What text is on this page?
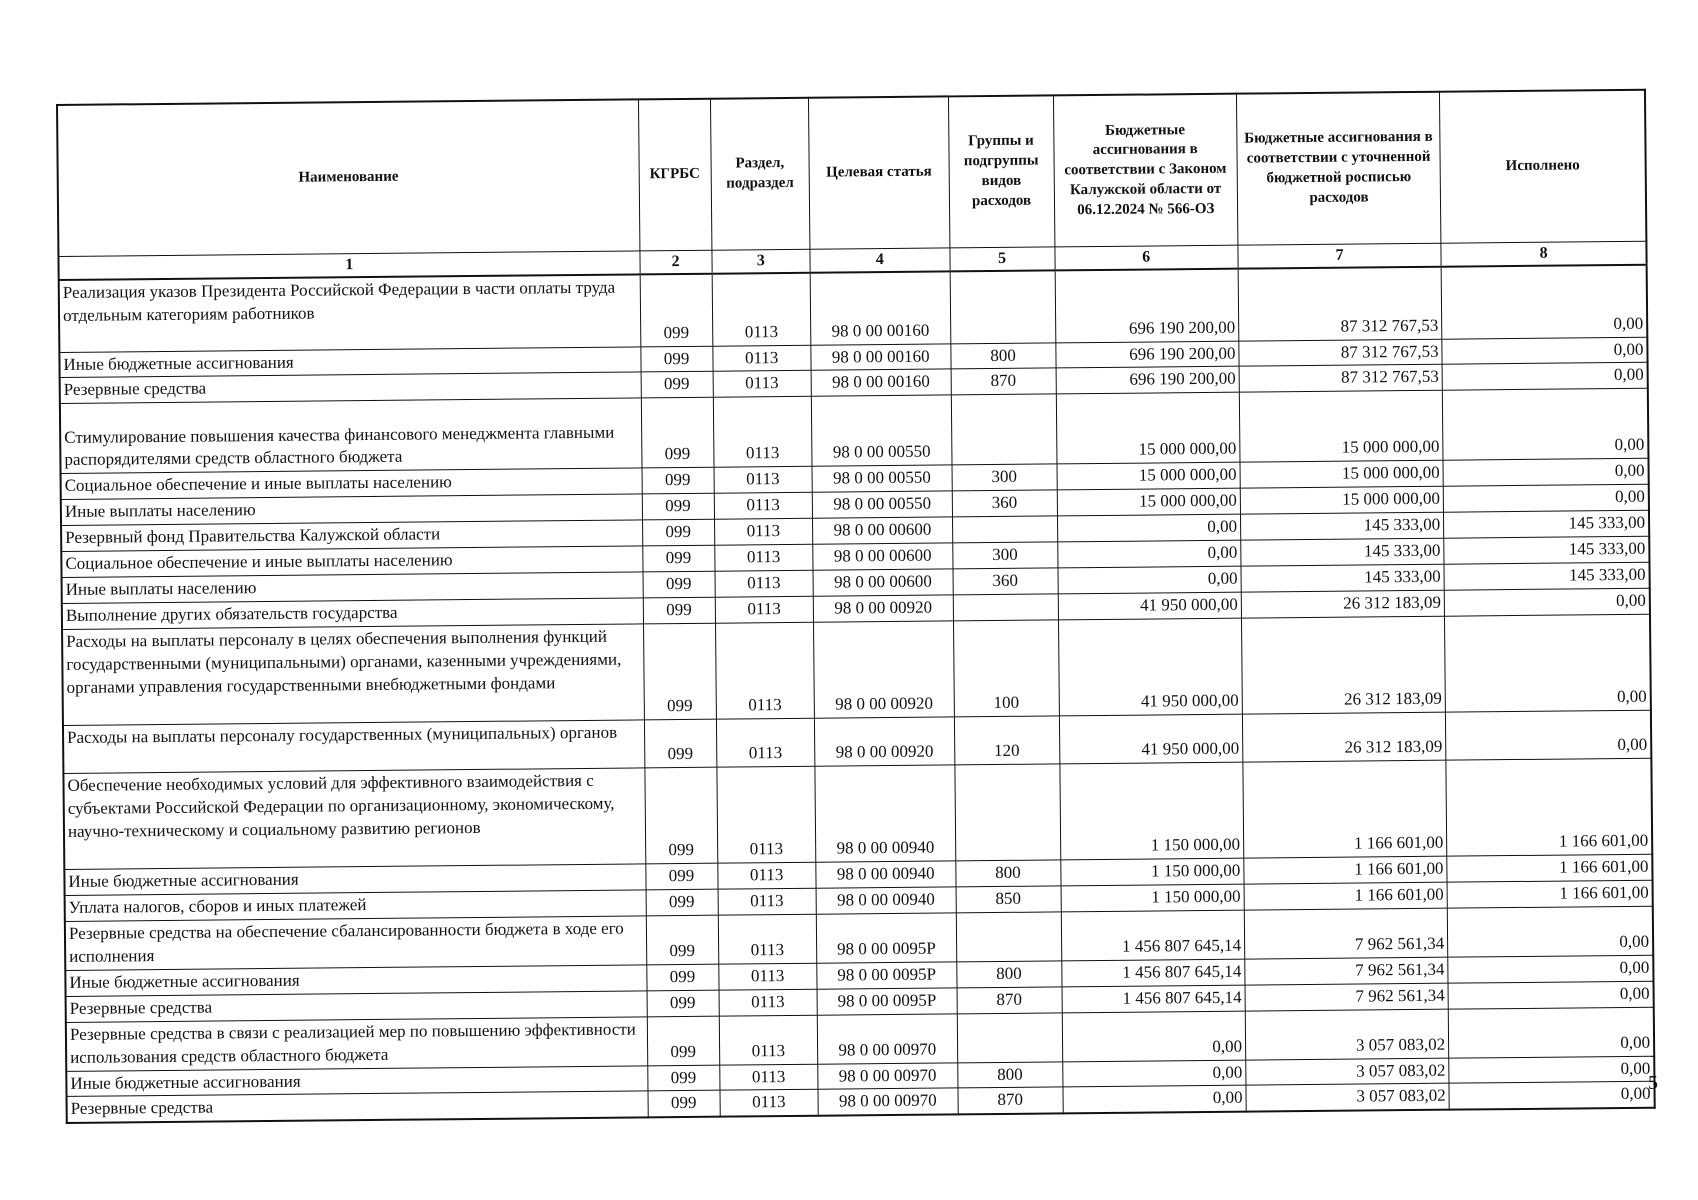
Наименование	КГРБС	Раздел, подраздел	Целевая статья	Группы и подгруппы видов расходов	Бюджетные ассигнования в соответствии с Законом Калужской области от 06.12.2024 № 566-ОЗ	Бюджетные ассигнования в соответствии с уточненной бюджетной росписью расходов	Исполнено
1	2	3	4	5	6	7	8
Реализация указов Президента Российской Федерации в части оплаты труда отдельным категориям работников	099	0113	98 0 00 00160		696 190 200,00	87 312 767,53	0,00
Иные бюджетные ассигнования	099	0113	98 0 00 00160	800	696 190 200,00	87 312 767,53	0,00
Резервные средства	099	0113	98 0 00 00160	870	696 190 200,00	87 312 767,53	0,00
Стимулирование повышения качества финансового менеджмента главными распорядителями средств областного бюджета	099	0113	98 0 00 00550		15 000 000,00	15 000 000,00	0,00
Социальное обеспечение и иные выплаты населению	099	0113	98 0 00 00550	300	15 000 000,00	15 000 000,00	0,00
Иные выплаты населению	099	0113	98 0 00 00550	360	15 000 000,00	15 000 000,00	0,00
Резервный фонд Правительства Калужской области	099	0113	98 0 00 00600		0,00	145 333,00	145 333,00
Социальное обеспечение и иные выплаты населению	099	0113	98 0 00 00600	300	0,00	145 333,00	145 333,00
Иные выплаты населению	099	0113	98 0 00 00600	360	0,00	145 333,00	145 333,00
Выполнение других обязательств государства	099	0113	98 0 00 00920		41 950 000,00	26 312 183,09	0,00
Расходы на выплаты персоналу в целях обеспечения выполнения функций государственными (муниципальными) органами, казенными учреждениями, органами управления государственными внебюджетными фондами	099	0113	98 0 00 00920	100	41 950 000,00	26 312 183,09	0,00
Расходы на выплаты персоналу государственных (муниципальных) органов	099	0113	98 0 00 00920	120	41 950 000,00	26 312 183,09	0,00
Обеспечение необходимых условий для эффективного взаимодействия с субъектами Российской Федерации по организационному, экономическому, научно-техническому и социальному развитию регионов	099	0113	98 0 00 00940		1 150 000,00	1 166 601,00	1 166 601,00
Иные бюджетные ассигнования	099	0113	98 0 00 00940	800	1 150 000,00	1 166 601,00	1 166 601,00
Уплата налогов, сборов и иных платежей	099	0113	98 0 00 00940	850	1 150 000,00	1 166 601,00	1 166 601,00
Резервные средства на обеспечение сбалансированности бюджета в ходе его исполнения	099	0113	98 0 00 0095Р		1 456 807 645,14	7 962 561,34	0,00
Иные бюджетные ассигнования	099	0113	98 0 00 0095Р	800	1 456 807 645,14	7 962 561,34	0,00
Резервные средства	099	0113	98 0 00 0095Р	870	1 456 807 645,14	7 962 561,34	0,00
Резервные средства в связи с реализацией мер по повышению эффективности использования средств областного бюджета	099	0113	98 0 00 00970		0,00	3 057 083,02	0,00
Иные бюджетные ассигнования	099	0113	98 0 00 00970	800	0,00	3 057 083,02	0,00
Резервные средства	099	0113	98 0 00 00970	870	0,00	3 057 083,02	0,00
5
